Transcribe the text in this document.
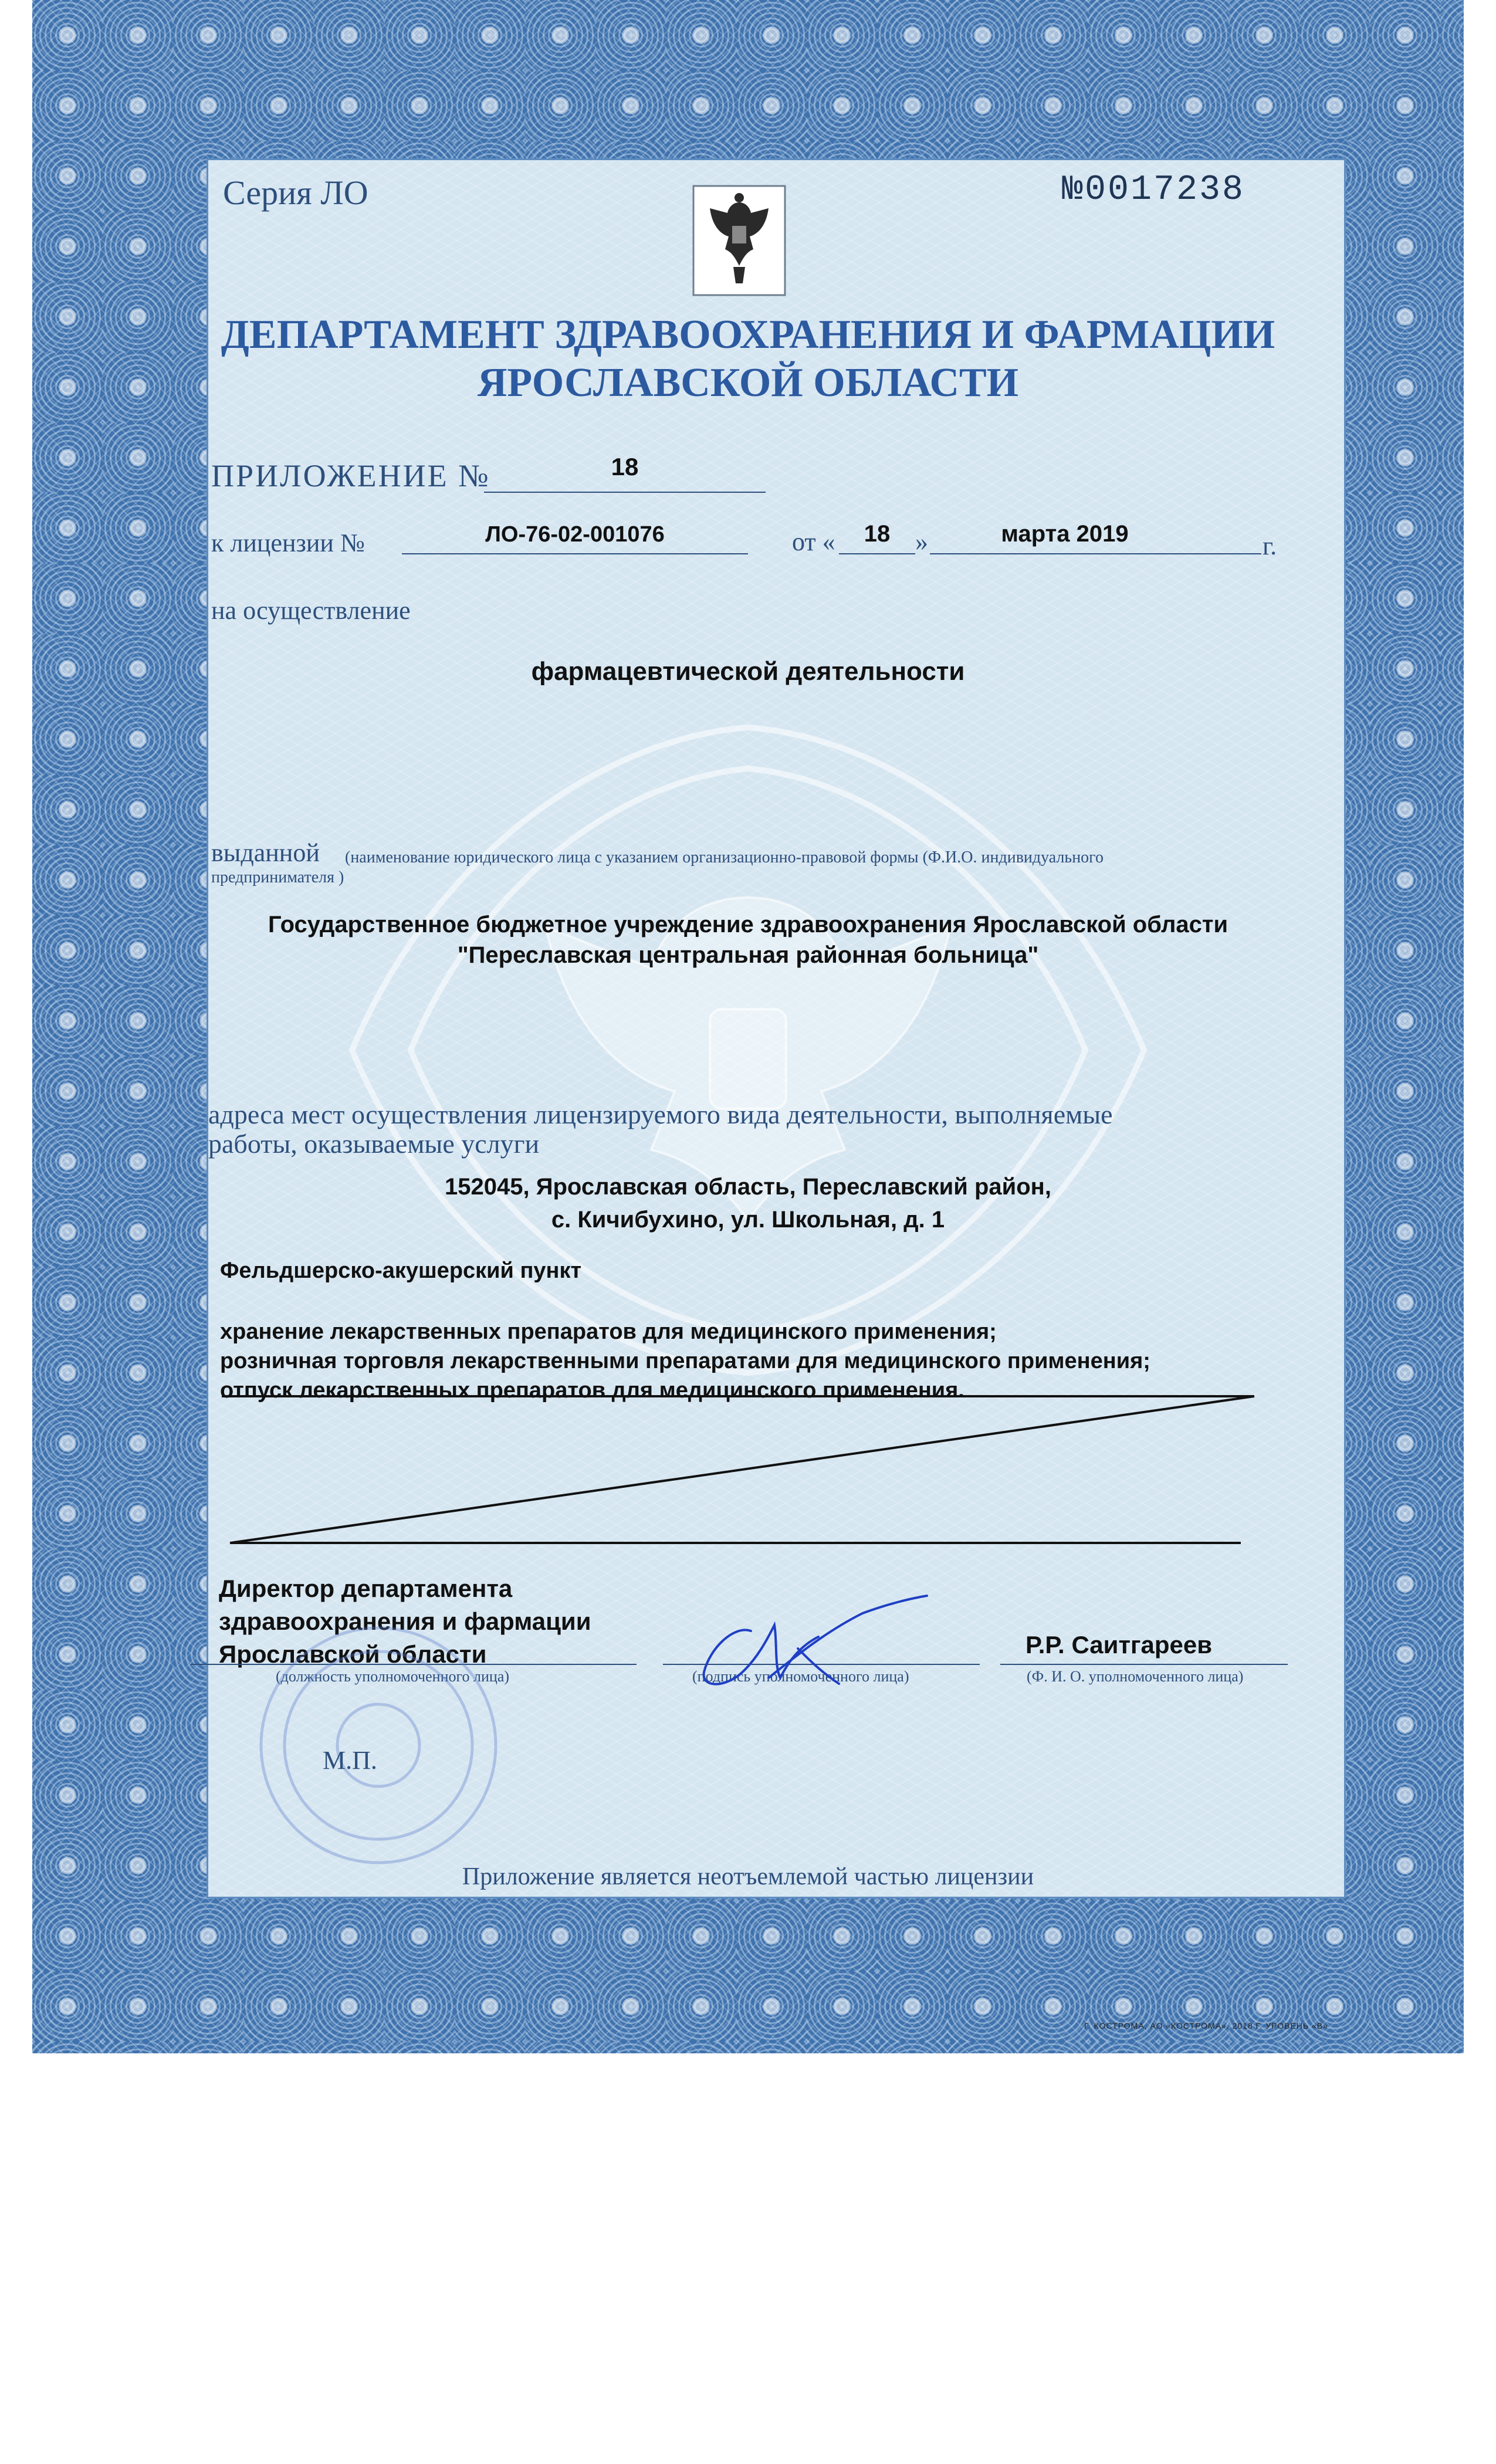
Серия ЛО	№0017238
ДЕПАРТАМЕНТ ЗДРАВООХРАНЕНИЯ И ФАРМАЦИИ ЯРОСЛАВСКОЙ ОБЛАСТИ
ПРИЛОЖЕНИЕ №	18
к лицензии №	ЛО-76-02-001076	от «	18 »	марта 2019	г.
на осуществление
фармацевтической деятельности
выданной	(наименование юридического лица с указанием организационно-правовой формы (Ф.И.О. индивидуального предпринимателя )
Государственное бюджетное учреждение здравоохранения Ярославской области
"Переславская центральная районная больница"
адреса мест осуществления лицензируемого вида деятельности, выполняемые работы, оказываемые услуги
152045, Ярославская область, Переславский район,
с. Кичибухино, ул. Школьная, д. 1
Фельдшерско-акушерский пункт
хранение лекарственных препаратов для медицинского применения;
розничная торговля лекарственными препаратами для медицинского применения;
отпуск лекарственных препаратов для медицинского применения.
Директор департамента
здравоохранения и фармации
Ярославской области
(должность уполномоченного лица)	(подпись уполномоченного лица)
Р.Р. Саитгареев
(Ф. И. О. уполномоченного лица)
М.П.
Приложение является неотъемлемой частью лицензии
Г. КОСТРОМА, АО «КОСТРОМА», 2018 Г. УРОВЕНЬ «В»
